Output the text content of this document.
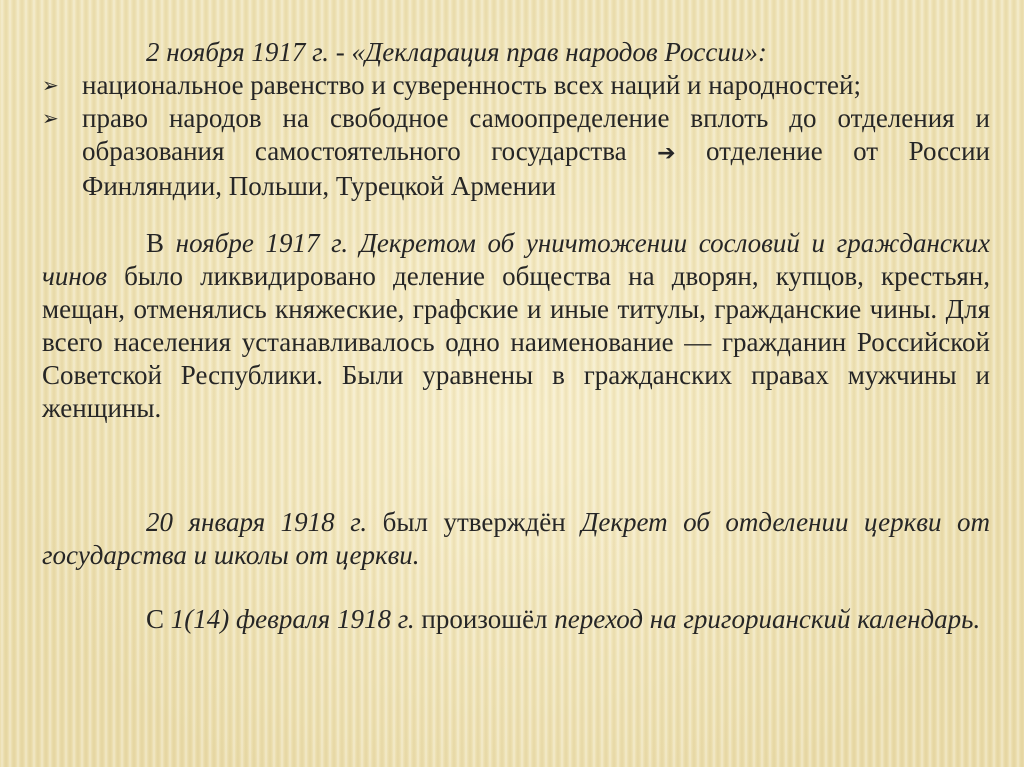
2 ноября 1917 г. - «Декларация прав народов России»:

➢ национальное равенство и суверенность всех наций и народностей;

➢ право народов на свободное самоопределение вплоть до отделения и образования самостоятельного государства ➔ отделение от России Финляндии, Польши, Турецкой Армении

В ноябре 1917 г. Декретом об уничтожении сословий и гражданских чинов было ликвидировано деление общества на дворян, купцов, крестьян, мещан, отменялись княжеские, графские и иные титулы, гражданские чины. Для всего населения устанавливалось одно наименование — гражданин Российской Советской Республики. Были уравнены в гражданских правах мужчины и женщины.

20 января 1918 г. был утверждён Декрет об отделении церкви от государства и школы от церкви.

С 1(14) февраля 1918 г. произошёл переход на григорианский календарь.
